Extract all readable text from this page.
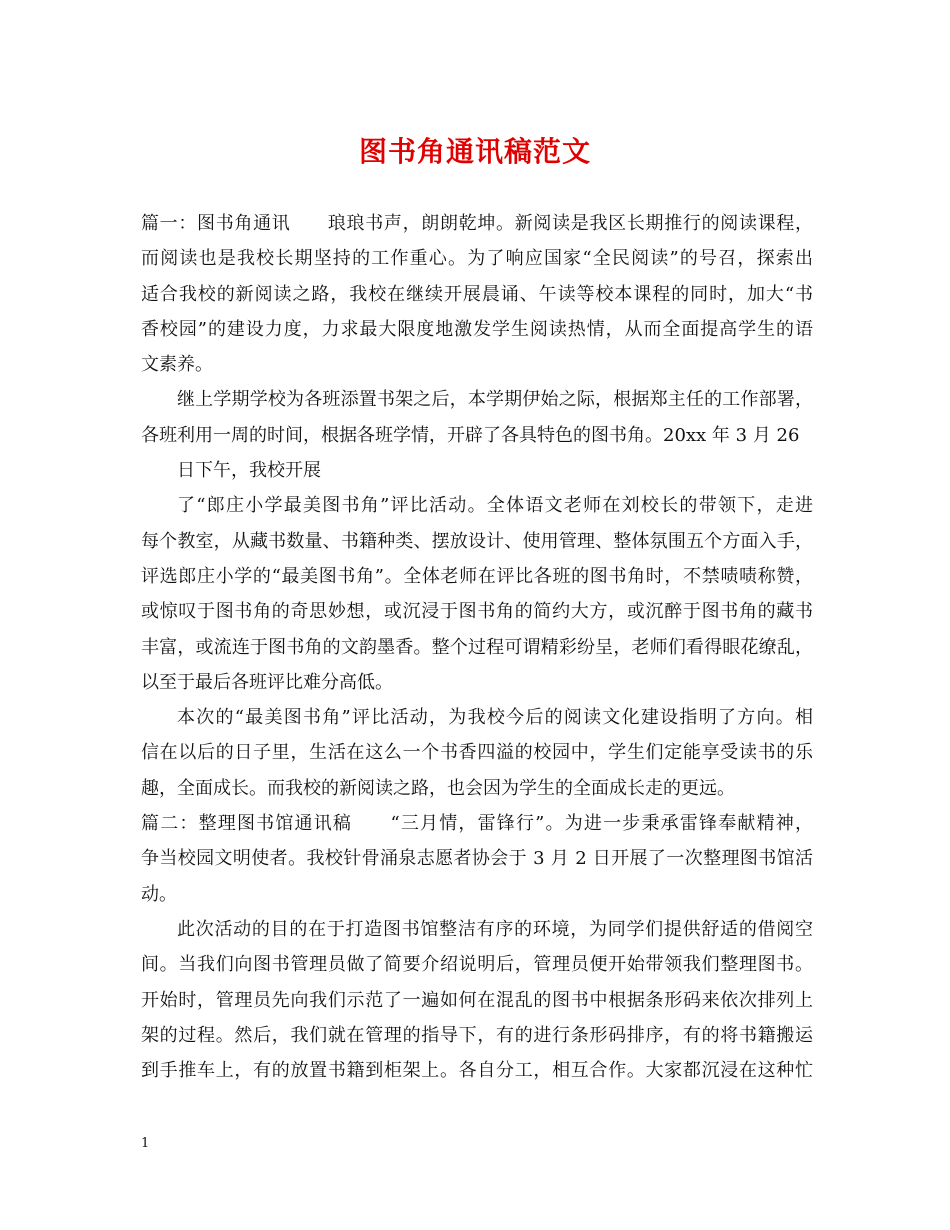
图书角通讯稿范文
篇一：图书角通讯　　琅琅书声，朗朗乾坤。新阅读是我区长期推行的阅读课程，
而阅读也是我校长期坚持的工作重心。为了响应国家“全民阅读”的号召，探索出
适合我校的新阅读之路，我校在继续开展晨诵、午读等校本课程的同时，加大“书
香校园”的建设力度，力求最大限度地激发学生阅读热情，从而全面提高学生的语
文素养。
继上学期学校为各班添置书架之后，本学期伊始之际，根据郑主任的工作部署，
各班利用一周的时间，根据各班学情，开辟了各具特色的图书角。20xx 年 3 月 26
日下午，我校开展
了“郎庄小学最美图书角”评比活动。全体语文老师在刘校长的带领下，走进
每个教室，从藏书数量、书籍种类、摆放设计、使用管理、整体氛围五个方面入手，
评选郎庄小学的“最美图书角”。全体老师在评比各班的图书角时，不禁啧啧称赞，
或惊叹于图书角的奇思妙想，或沉浸于图书角的简约大方，或沉醉于图书角的藏书
丰富，或流连于图书角的文韵墨香。整个过程可谓精彩纷呈，老师们看得眼花缭乱，
以至于最后各班评比难分高低。
本次的“最美图书角”评比活动，为我校今后的阅读文化建设指明了方向。相
信在以后的日子里，生活在这么一个书香四溢的校园中，学生们定能享受读书的乐
趣，全面成长。而我校的新阅读之路，也会因为学生的全面成长走的更远。
篇二：整理图书馆通讯稿　　“三月情，雷锋行”。为进一步秉承雷锋奉献精神，
争当校园文明使者。我校针骨涌泉志愿者协会于 3 月 2 日开展了一次整理图书馆活
动。
此次活动的目的在于打造图书馆整洁有序的环境，为同学们提供舒适的借阅空
间。当我们向图书管理员做了简要介绍说明后，管理员便开始带领我们整理图书。
开始时，管理员先向我们示范了一遍如何在混乱的图书中根据条形码来依次排列上
架的过程。然后，我们就在管理的指导下，有的进行条形码排序，有的将书籍搬运
到手推车上，有的放置书籍到柜架上。各自分工，相互合作。大家都沉浸在这种忙
1
